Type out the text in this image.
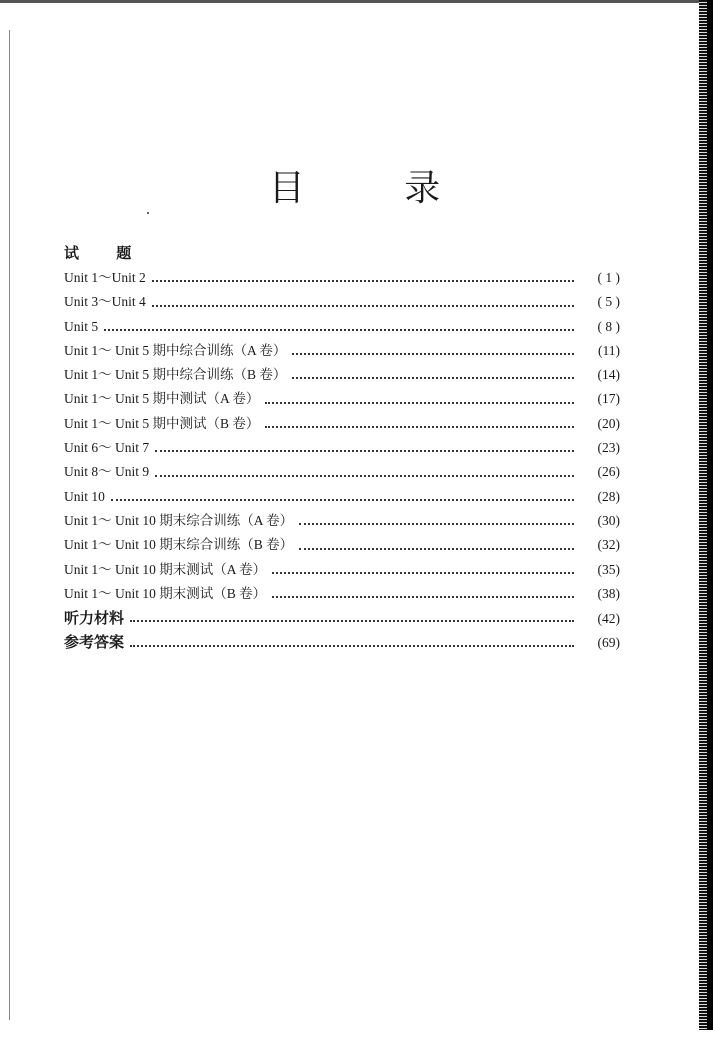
目 录
试 题
Unit 1～Unit 2	( 1 )
Unit 3～Unit 4	( 5 )
Unit 5	( 8 )
Unit 1～ Unit 5 期中综合训练（A 卷）	(11)
Unit 1～ Unit 5 期中综合训练（B 卷）	(14)
Unit 1～ Unit 5 期中测试（A 卷）	(17)
Unit 1～ Unit 5 期中测试（B 卷）	(20)
Unit 6～ Unit 7	(23)
Unit 8～ Unit 9	(26)
Unit 10	(28)
Unit 1～ Unit 10 期末综合训练（A 卷）	(30)
Unit 1～ Unit 10 期末综合训练（B 卷）	(32)
Unit 1～ Unit 10 期末测试（A 卷）	(35)
Unit 1～ Unit 10 期末测试（B 卷）	(38)
听力材料	(42)
参考答案	(69)
